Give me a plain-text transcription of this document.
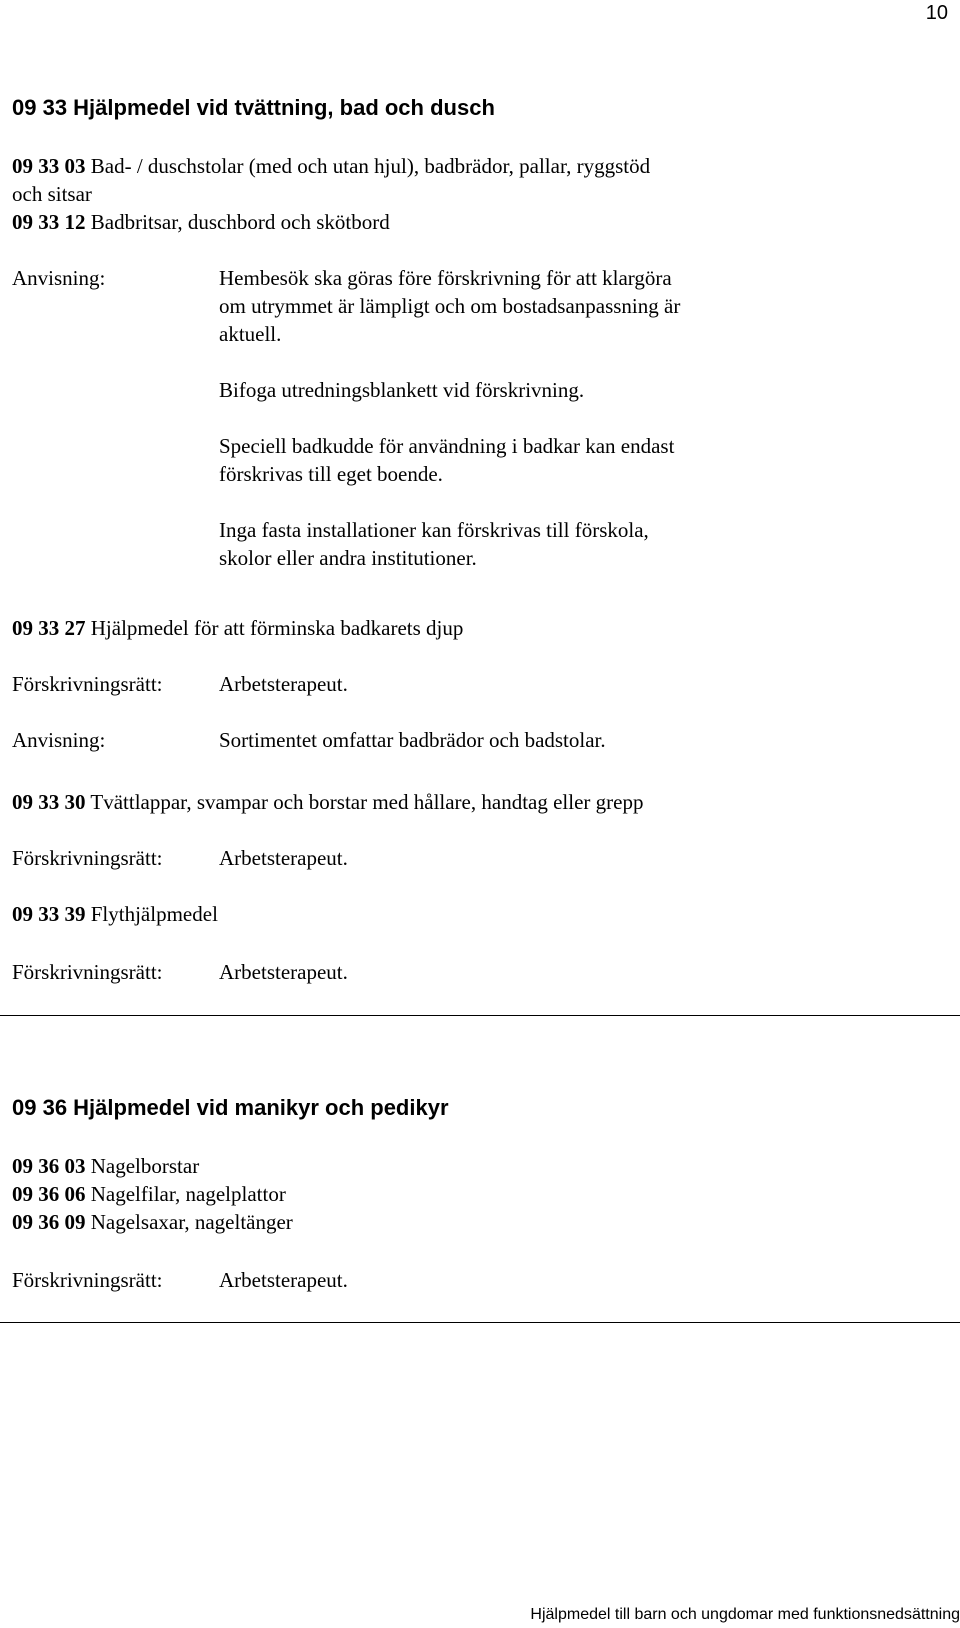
10
09 33 Hjälpmedel vid tvättning, bad och dusch
09 33 03 Bad- / duschstolar (med och utan hjul), badbrädor, pallar, ryggstöd
och sitsar
09 33 12 Badbritsar, duschbord och skötbord
Anvisning:	Hembesök ska göras före förskrivning för att klargöra
om utrymmet är lämpligt och om bostadsanpassning är
aktuell.
Bifoga utredningsblankett vid förskrivning.
Speciell badkudde för användning i badkar kan endast
förskrivas till eget boende.
Inga fasta installationer kan förskrivas till förskola,
skolor eller andra institutioner.
09 33 27 Hjälpmedel för att förminska badkarets djup
Förskrivningsrätt:	Arbetsterapeut.
Anvisning:	Sortimentet omfattar badbrädor och badstolar.
09 33 30 Tvättlappar, svampar och borstar med hållare, handtag eller grepp
Förskrivningsrätt:	Arbetsterapeut.
09 33 39 Flythjälpmedel
Förskrivningsrätt:	Arbetsterapeut.
09 36 Hjälpmedel vid manikyr och pedikyr
09 36 03 Nagelborstar
09 36 06 Nagelfilar, nagelplattor
09 36 09 Nagelsaxar, nageltänger
Förskrivningsrätt:	Arbetsterapeut.
Hjälpmedel till barn och ungdomar med funktionsnedsättning
